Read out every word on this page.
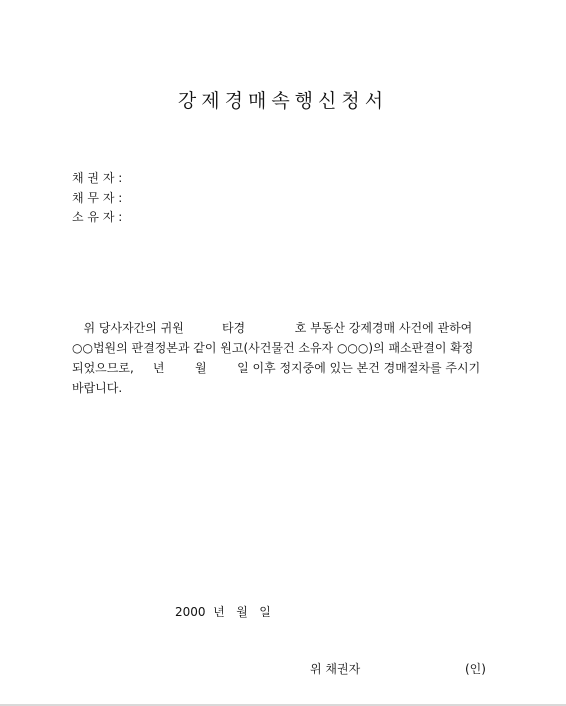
강제경매속행신청서
채 권 자 :
채 무 자 :
소 유 자 :
위 당사자간의 귀원          타경             호 부동산 강제경매 사건에 관하여
○○법원의 판결정본과 같이 원고(사건물건 소유자 ○○○)의 패소판결이 확정
되었으므로,     년        월        일 이후 정지중에 있는 본건 경매절차를 주시기
바랍니다.
2000  년   월   일
위 채권자	(인)
